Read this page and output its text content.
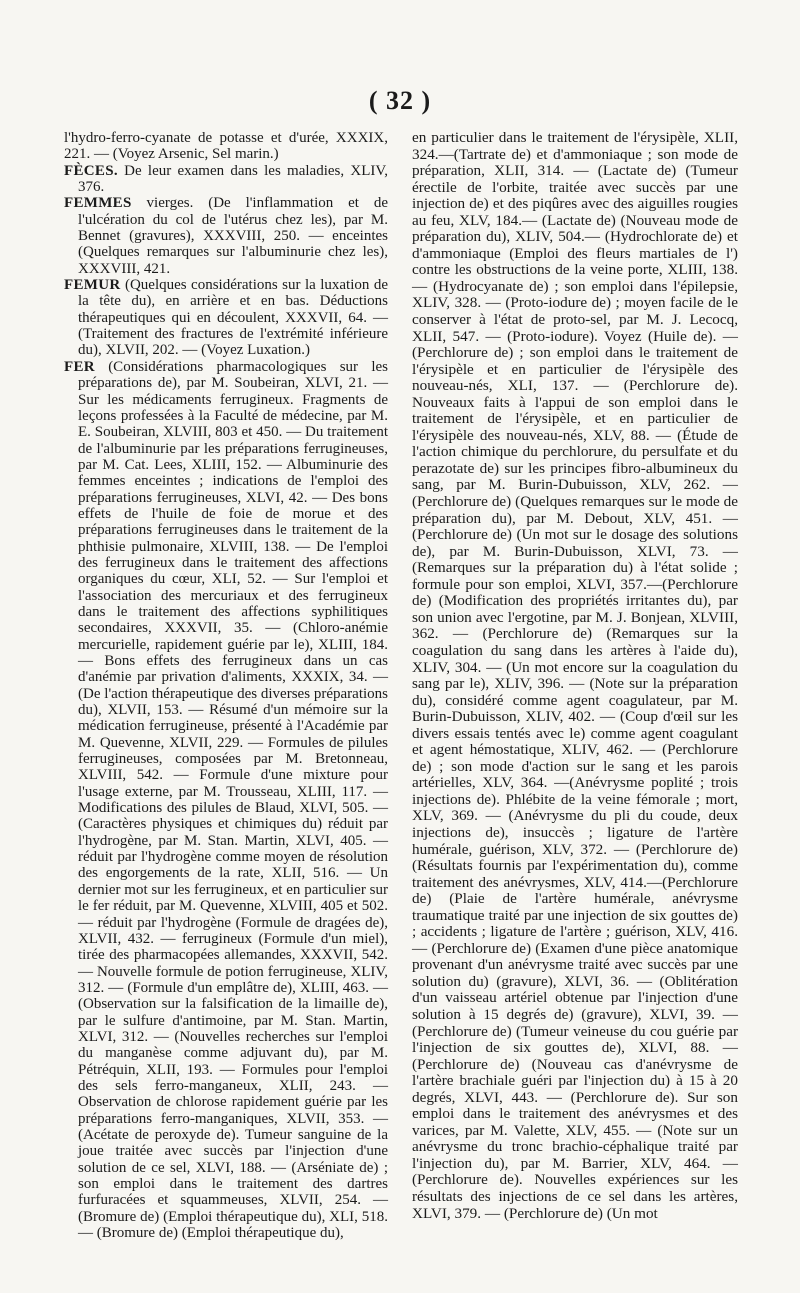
( 32 )

l'hydro-ferro-cyanate de potasse et d'urée, XXXIX, 221. — (Voyez Arsenic, Sel marin.)

FÈCES. De leur examen dans les maladies, XLIV, 376.

FEMMES vierges. (De l'inflammation et de l'ulcération du col de l'utérus chez les), par M. Bennet (gravures), XXXVIII, 250. — enceintes (Quelques remarques sur l'albuminurie chez les), XXXVIII, 421.

FEMUR (Quelques considérations sur la luxation de la tête du), en arrière et en bas. Déductions thérapeutiques qui en découlent, XXXVII, 64. — (Traitement des fractures de l'extrémité inférieure du), XLVII, 202. — (Voyez Luxation.)

FER (Considérations pharmacologiques sur les préparations de), par M. Soubeiran, XLVI, 21. — Sur les médicaments ferrugineux. Fragments de leçons professées à la Faculté de médecine, par M. E. Soubeiran, XLVIII, 803 et 450. — Du traitement de l'albuminurie par les préparations ferrugineuses, par M. Cat. Lees, XLIII, 152. — Albuminurie des femmes enceintes ; indications de l'emploi des préparations ferrugineuses, XLVI, 42. — Des bons effets de l'huile de foie de morue et des préparations ferrugineuses dans le traitement de la phthisie pulmonaire, XLVIII, 138. — De l'emploi des ferrugineux dans le traitement des affections organiques du cœur, XLI, 52. — Sur l'emploi et l'association des mercuriaux et des ferrugineux dans le traitement des affections syphilitiques secondaires, XXXVII, 35. — (Chloro-anémie mercurielle, rapidement guérie par le), XLIII, 184. — Bons effets des ferrugineux dans un cas d'anémie par privation d'aliments, XXXIX, 34. — (De l'action thérapeutique des diverses préparations du), XLVII, 153. — Résumé d'un mémoire sur la médication ferrugineuse, présenté à l'Académie par M. Quevenne, XLVII, 229. — Formules de pilules ferrugineuses, composées par M. Bretonneau, XLVIII, 542. — Formule d'une mixture pour l'usage externe, par M. Trousseau, XLIII, 117. — Modifications des pilules de Blaud, XLVI, 505. — (Caractères physiques et chimiques du) réduit par l'hydrogène, par M. Stan. Martin, XLVI, 405. — réduit par l'hydrogène comme moyen de résolution des engorgements de la rate, XLII, 516. — Un dernier mot sur les ferrugineux, et en particulier sur le fer réduit, par M. Quevenne, XLVIII, 405 et 502. — réduit par l'hydrogène (Formule de dragées de), XLVII, 432. — ferrugineux (Formule d'un miel), tirée des pharmacopées allemandes, XXXVII, 542. — Nouvelle formule de potion ferrugineuse, XLIV, 312. — (Formule d'un emplâtre de), XLIII, 463. — (Observation sur la falsification de la limaille de), par le sulfure d'antimoine, par M. Stan. Martin, XLVI, 312. — (Nouvelles recherches sur l'emploi du manganèse comme adjuvant du), par M. Pétréquin, XLII, 193. — Formules pour l'emploi des sels ferro-manganeux, XLII, 243. — Observation de chlorose rapidement guérie par les préparations ferro-manganiques, XLVII, 353. — (Acétate de peroxyde de). Tumeur sanguine de la joue traitée avec succès par l'injection d'une solution de ce sel, XLVI, 188. — (Arséniate de) ; son emploi dans le traitement des dartres furfuracées et squammeuses, XLVII, 254. — (Bromure de) (Emploi thérapeutique du), XLI, 518. — (Bromure de) (Emploi thérapeutique du),

en particulier dans le traitement de l'érysipèle, XLII, 324.—(Tartrate de) et d'ammoniaque ; son mode de préparation, XLII, 314. — (Lactate de) (Tumeur érectile de l'orbite, traitée avec succès par une injection de) et des piqûres avec des aiguilles rougies au feu, XLV, 184.— (Lactate de) (Nouveau mode de préparation du), XLIV, 504.— (Hydrochlorate de) et d'ammoniaque (Emploi des fleurs martiales de l') contre les obstructions de la veine porte, XLIII, 138. — (Hydrocyanate de) ; son emploi dans l'épilepsie, XLIV, 328. — (Proto-iodure de) ; moyen facile de le conserver à l'état de proto-sel, par M. J. Lecocq, XLII, 547. — (Proto-iodure). Voyez (Huile de). — (Perchlorure de) ; son emploi dans le traitement de l'érysipèle et en particulier de l'érysipèle des nouveau-nés, XLI, 137. — (Perchlorure de). Nouveaux faits à l'appui de son emploi dans le traitement de l'érysipèle, et en particulier de l'érysipèle des nouveau-nés, XLV, 88. — (Étude de l'action chimique du perchlorure, du persulfate et du perazotate de) sur les principes fibro-albumineux du sang, par M. Burin-Dubuisson, XLV, 262. — (Perchlorure de) (Quelques remarques sur le mode de préparation du), par M. Debout, XLV, 451. — (Perchlorure de) (Un mot sur le dosage des solutions de), par M. Burin-Dubuisson, XLVI, 73. — (Remarques sur la préparation du) à l'état solide ; formule pour son emploi, XLVI, 357.—(Perchlorure de) (Modification des propriétés irritantes du), par son union avec l'ergotine, par M. J. Bonjean, XLVIII, 362. — (Perchlorure de) (Remarques sur la coagulation du sang dans les artères à l'aide du), XLIV, 304. — (Un mot encore sur la coagulation du sang par le), XLIV, 396. — (Note sur la préparation du), considéré comme agent coagulateur, par M. Burin-Dubuisson, XLIV, 402. — (Coup d'œil sur les divers essais tentés avec le) comme agent coagulant et agent hémostatique, XLIV, 462. — (Perchlorure de) ; son mode d'action sur le sang et les parois artérielles, XLV, 364. —(Anévrysme poplité ; trois injections de). Phlébite de la veine fémorale ; mort, XLV, 369. — (Anévrysme du pli du coude, deux injections de), insuccès ; ligature de l'artère humérale, guérison, XLV, 372. — (Perchlorure de) (Résultats fournis par l'expérimentation du), comme traitement des anévrysmes, XLV, 414.—(Perchlorure de) (Plaie de l'artère humérale, anévrysme traumatique traité par une injection de six gouttes de) ; accidents ; ligature de l'artère ; guérison, XLV, 416. — (Perchlorure de) (Examen d'une pièce anatomique provenant d'un anévrysme traité avec succès par une solution du) (gravure), XLVI, 36. — (Oblitération d'un vaisseau artériel obtenue par l'injection d'une solution à 15 degrés de) (gravure), XLVI, 39. — (Perchlorure de) (Tumeur veineuse du cou guérie par l'injection de six gouttes de), XLVI, 88. —(Perchlorure de) (Nouveau cas d'anévrysme de l'artère brachiale guéri par l'injection du) à 15 à 20 degrés, XLVI, 443. — (Perchlorure de). Sur son emploi dans le traitement des anévrysmes et des varices, par M. Valette, XLV, 455. — (Note sur un anévrysme du tronc brachio-céphalique traité par l'injection du), par M. Barrier, XLV, 464. — (Perchlorure de). Nouvelles expériences sur les résultats des injections de ce sel dans les artères, XLVI, 379. — (Perchlorure de) (Un mot
